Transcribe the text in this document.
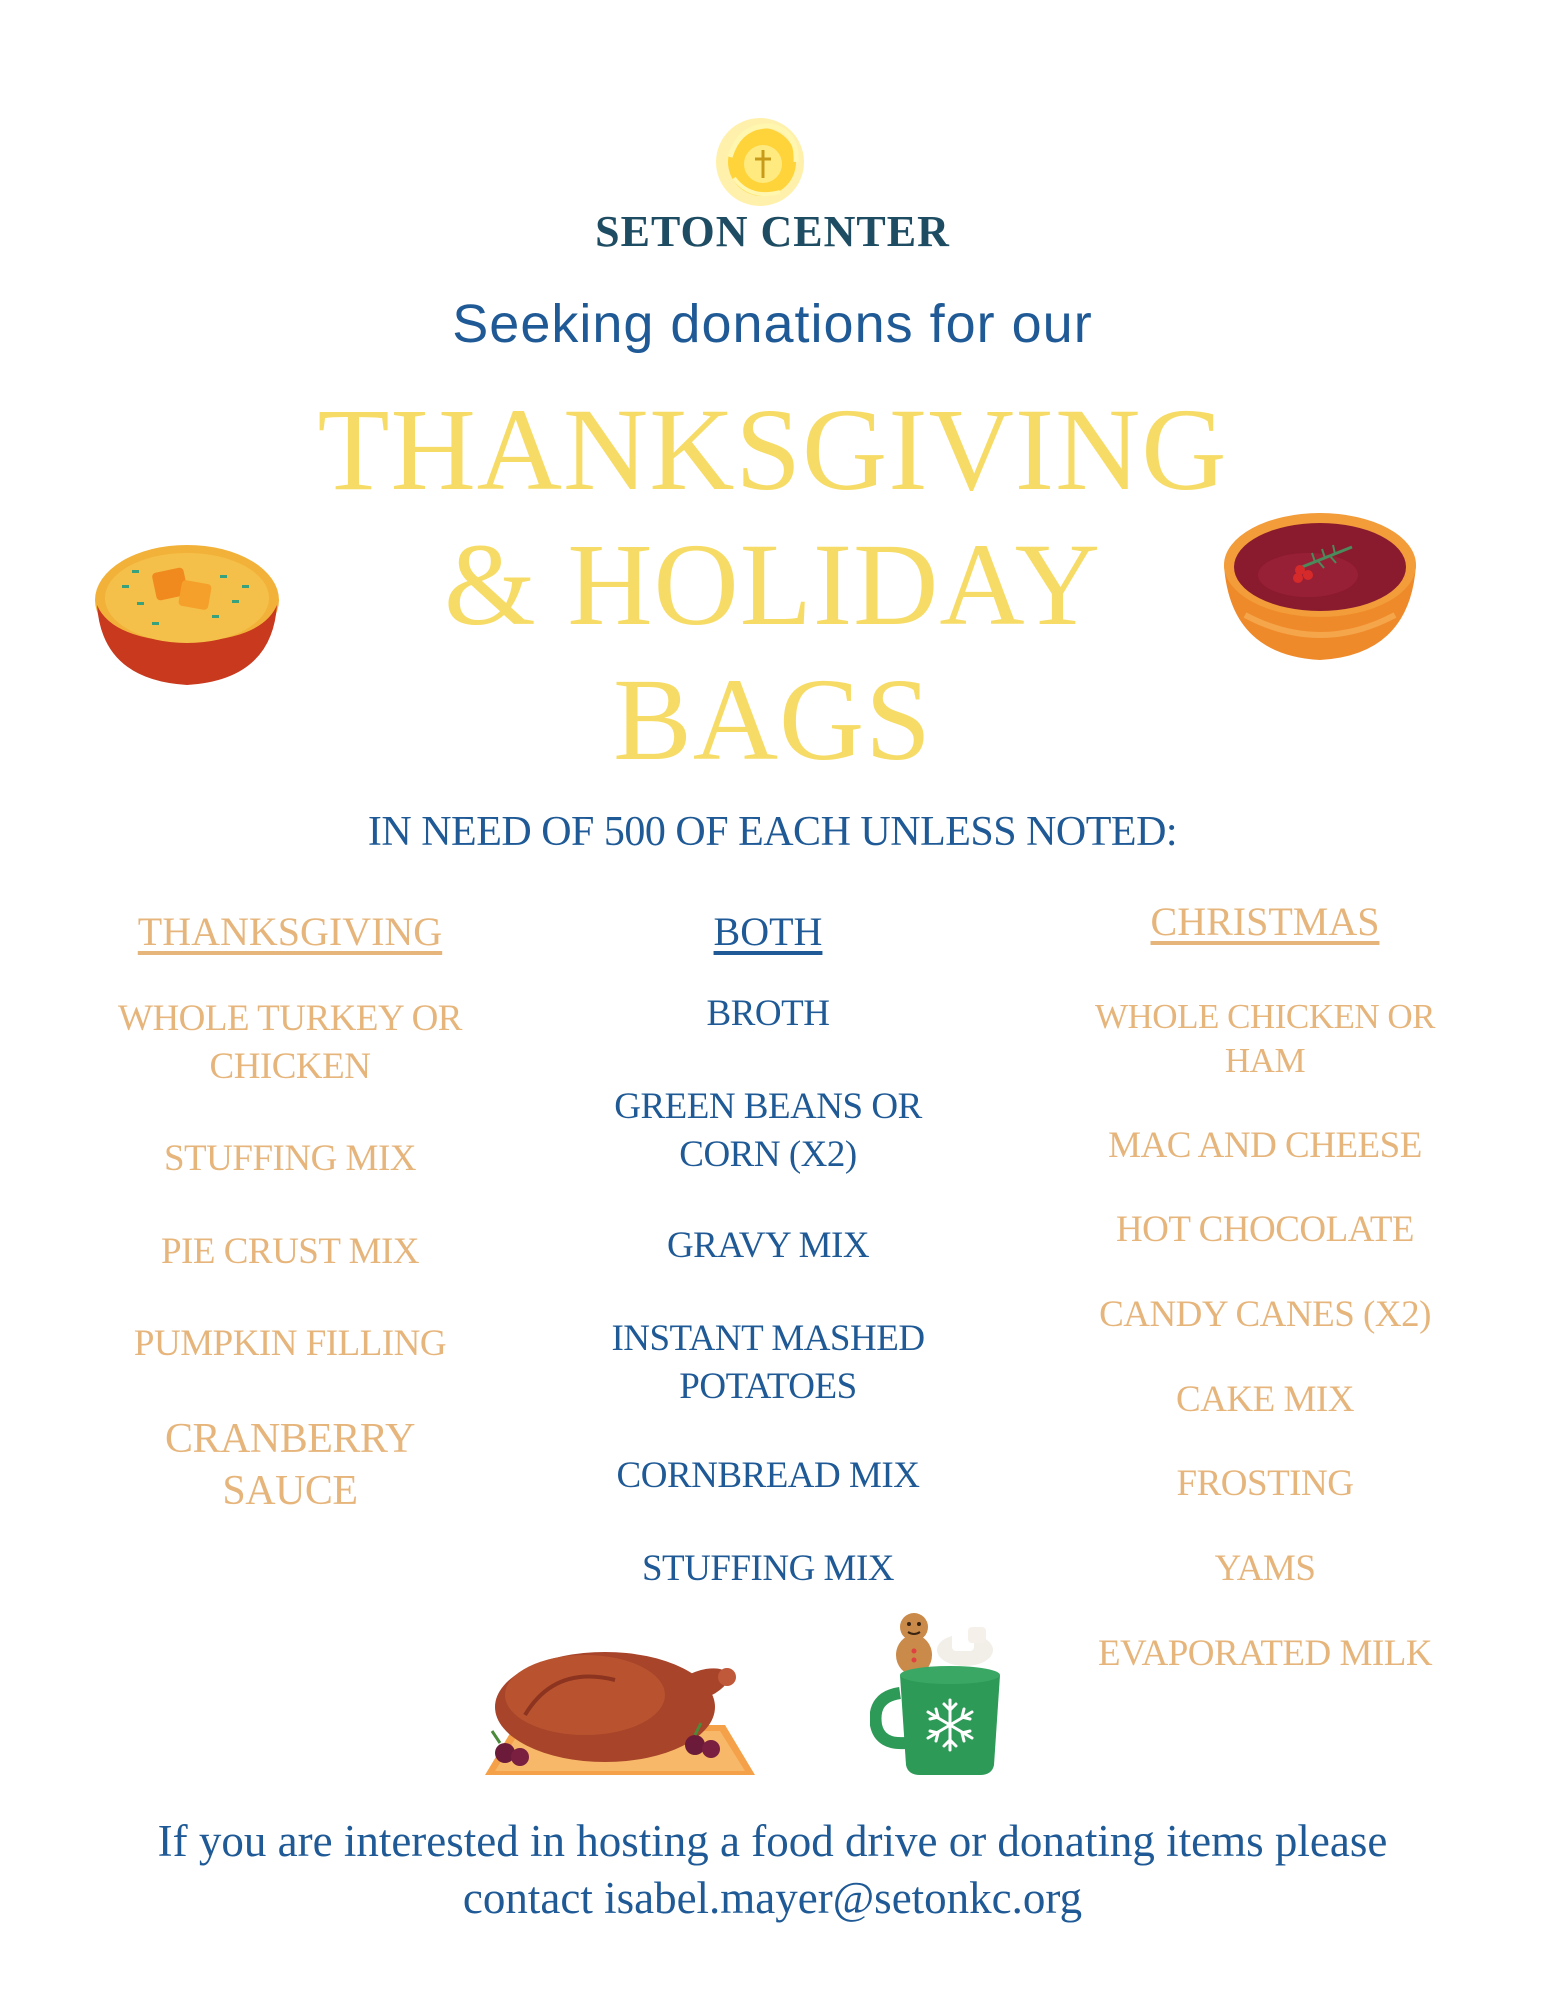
SETON CENTER
Seeking donations for our
THANKSGIVING
& HOLIDAY
BAGS
IN NEED OF 500 OF EACH UNLESS NOTED:
THANKSGIVING	BOTH	CHRISTMAS
WHOLE TURKEY OR CHICKEN
STUFFING MIX
PIE CRUST MIX
PUMPKIN FILLING
CRANBERRY SAUCE
BROTH
GREEN BEANS OR CORN (X2)
GRAVY MIX
INSTANT MASHED POTATOES
CORNBREAD MIX
STUFFING MIX
WHOLE CHICKEN OR HAM
MAC AND CHEESE
HOT CHOCOLATE
CANDY CANES (X2)
CAKE MIX
FROSTING
YAMS
EVAPORATED MILK
If you are interested in hosting a food drive or donating items please
contact isabel.mayer@setonkc.org
